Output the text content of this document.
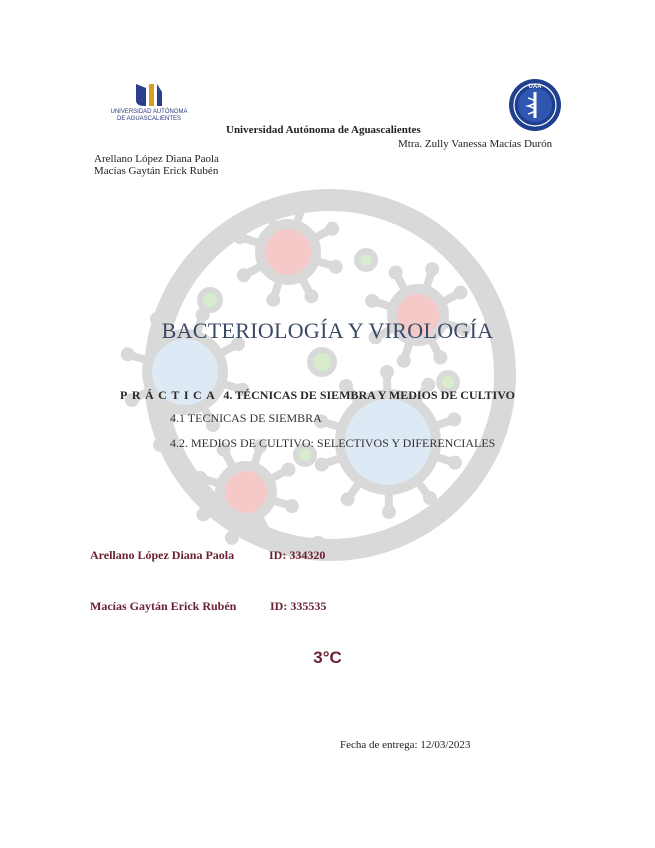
UNIVERSIDAD AUTÓNOMA
DE AGUASCALIENTES
UAA
Universidad Autónoma de Aguascalientes
Mtra. Zully Vanessa Macías Durón
Arellano López Diana Paola
Macías Gaytán Erick Rubén
BACTERIOLOGÍA Y VIROLOGÍA
PRÁCTICA 4. TÉCNICAS DE SIEMBRA Y MEDIOS DE CULTIVO
4.1 TECNICAS DE SIEMBRA
4.2. MEDIOS DE CULTIVO: SELECTIVOS Y DIFERENCIALES
Arellano López Diana Paola	ID: 334320
Macías Gaytán Erick Rubén	ID: 335535
3°C
Fecha de entrega: 12/03/2023
